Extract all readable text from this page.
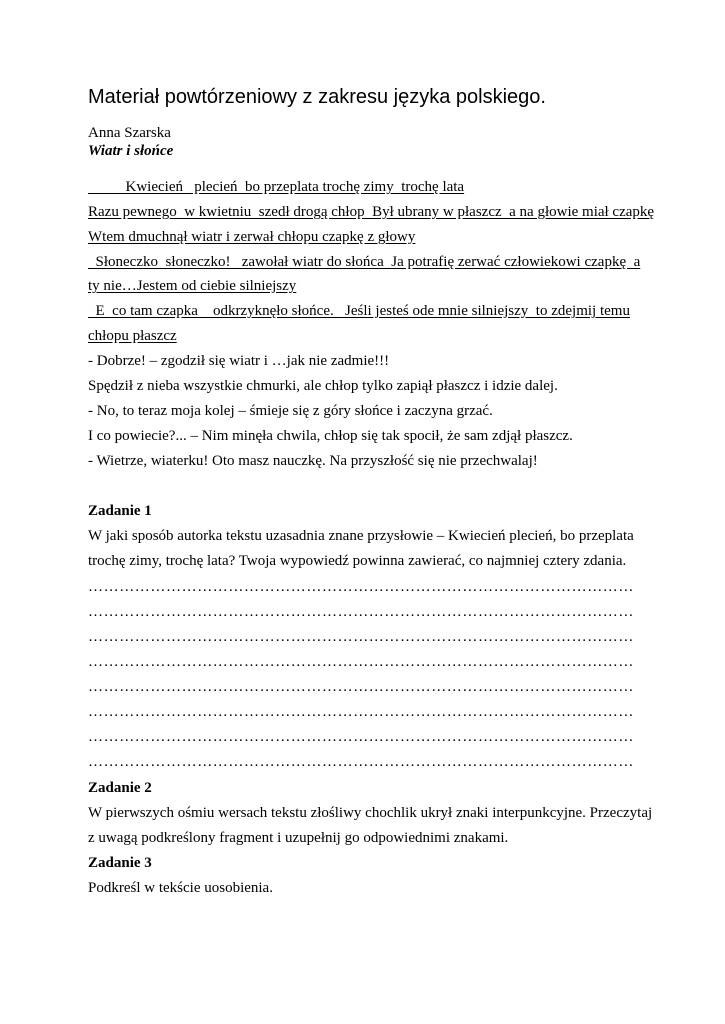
Materiał powtórzeniowy z zakresu języka polskiego.
Anna Szarska
Wiatr i słońce
Kwiecień   plecień  bo przeplata trochę zimy  trochę lata
Razu pewnego  w kwietniu  szedł drogą chłop  Był ubrany w płaszcz  a na głowie miał czapkę
Wtem dmuchnął wiatr i zerwał chłopu czapkę z głowy
Słoneczko  słoneczko!   zawołał wiatr do słońca  Ja potrafię zerwać człowiekowi czapkę  a
ty nie…Jestem od ciebie silniejszy
E  co tam czapka    odkrzyknęło słońce.   Jeśli jesteś ode mnie silniejszy  to zdejmij temu
chłopu płaszcz
- Dobrze! – zgodził się wiatr i …jak nie zadmie!!!
Spędził z nieba wszystkie chmurki, ale chłop tylko zapiął płaszcz i idzie dalej.
- No, to teraz moja kolej – śmieje się z góry słońce i zaczyna grzać.
I co powiecie?... – Nim minęła chwila, chłop się tak spocił, że sam zdjął płaszcz.
- Wietrze, wiaterku! Oto masz nauczkę. Na przyszłość się nie przechwalaj!
Zadanie 1
W jaki sposób autorka tekstu uzasadnia znane przysłowie – Kwiecień plecień, bo przeplata
trochę zimy, trochę lata? Twoja wypowiedź powinna zawierać, co najmniej cztery zdania.
……………………………………………………………………………………………
……………………………………………………………………………………………
……………………………………………………………………………………………
……………………………………………………………………………………………
……………………………………………………………………………………………
……………………………………………………………………………………………
……………………………………………………………………………………………
……………………………………………………………………………………………
Zadanie 2
W pierwszych ośmiu wersach tekstu złośliwy chochlik ukrył znaki interpunkcyjne. Przeczytaj
z uwagą podkreślony fragment i uzupełnij go odpowiednimi znakami.
Zadanie 3
Podkreśl w tekście uosobienia.
